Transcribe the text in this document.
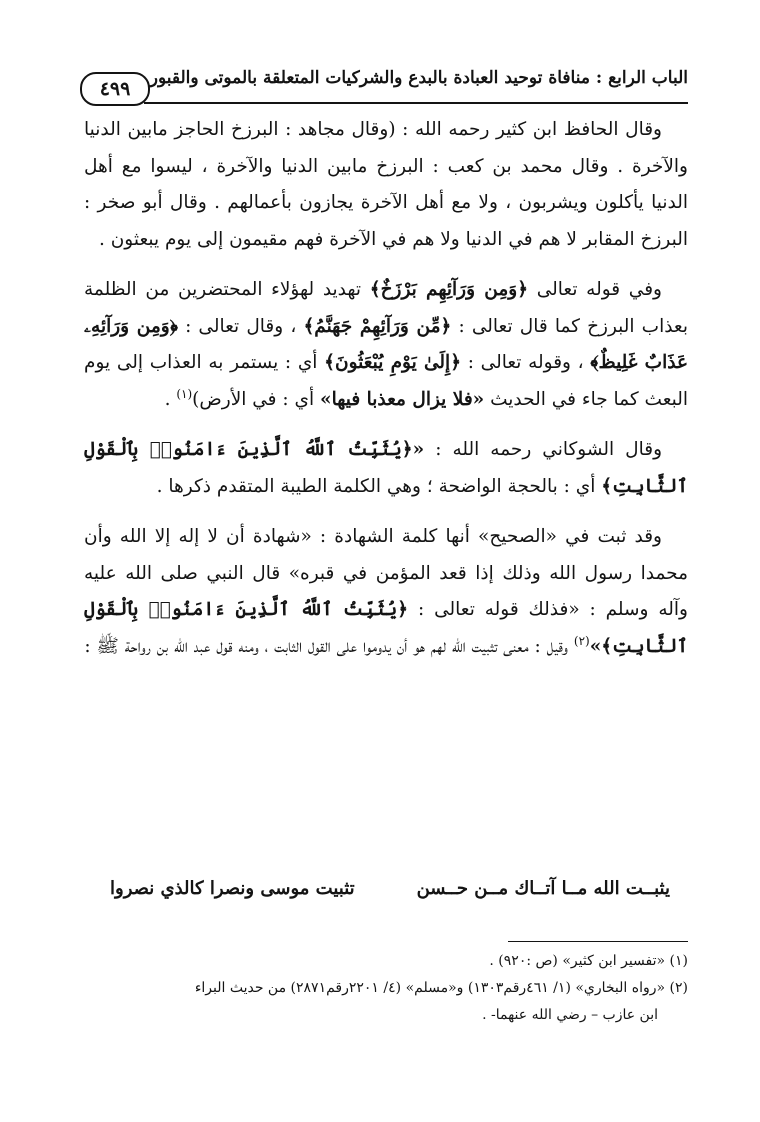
الباب الرابع : منافاة توحيد العبادة بالبدع والشركيات المتعلقة بالموتى والقبور
٤٩٩

وقال الحافظ ابن كثير رحمه الله : (وقال مجاهد : البرزخ الحاجز مابين الدنيا والآخرة . وقال محمد بن كعب : البرزخ مابين الدنيا والآخرة ، ليسوا مع أهل الدنيا يأكلون ويشربون ، ولا مع أهل الآخرة يجازون بأعمالهم . وقال أبو صخر : البرزخ المقابر لا هم في الدنيا ولا هم في الآخرة فهم مقيمون إلى يوم يبعثون .

وفي قوله تعالى ﴿وَمِن وَرَآئِهِم بَرْزَخٌ﴾ تهديد لهؤلاء المحتضرين من الظلمة بعذاب البرزخ كما قال تعالى : ﴿مِّن وَرَآئِهِمْ جَهَنَّمُ﴾ ، وقال تعالى : ﴿وَمِن وَرَآئِهِۦ عَذَابٌ غَلِيظٌ﴾ ، وقوله تعالى : ﴿إِلَىٰ يَوْمِ يُبْعَثُونَ﴾ أي : يستمر به العذاب إلى يوم البعث كما جاء في الحديث «فلا يزال معذبا فيها» أي : في الأرض)$^{(١)}$ .

وقال الشوكاني رحمه الله : «﴿يُثَبِّتُ ٱللَّهُ ٱلَّذِينَ ءَامَنُوا۟ بِٱلْقَوْلِ ٱلثَّابِتِ﴾ أي : بالحجة الواضحة ؛ وهي الكلمة الطيبة المتقدم ذكرها .

وقد ثبت في «الصحيح» أنها كلمة الشهادة : «شهادة أن لا إله إلا الله وأن محمدا رسول الله وذلك إذا قعد المؤمن في قبره» قال النبي صلى الله عليه وآله وسلم : «فذلك قوله تعالى : ﴿يُثَبِّتُ ٱللَّهُ ٱلَّذِينَ ءَامَنُوا۟ بِٱلْقَوْلِ ٱلثَّابِتِ﴾»$^{(٢)}$ وقيل : معنى تثبيت الله لهم هو أن يدوموا على القول الثابت ، ومنه قول عبد الله بن رواحة ﷺ :

يثبــت الله مــا آتــاك مــن حــسن
تثبيت موسى ونصرا كالذي نصروا

(١) «تفسير ابن كثير» (ص :٩٢٠) .

(٢) «رواه البخاري» (١/ ٤٦١رقم١٣٠٣) و«مسلم» (٤/ ٢٢٠١رقم٢٨٧١) من حديث البراء

ابن عازب – رضي الله عنهما- .
